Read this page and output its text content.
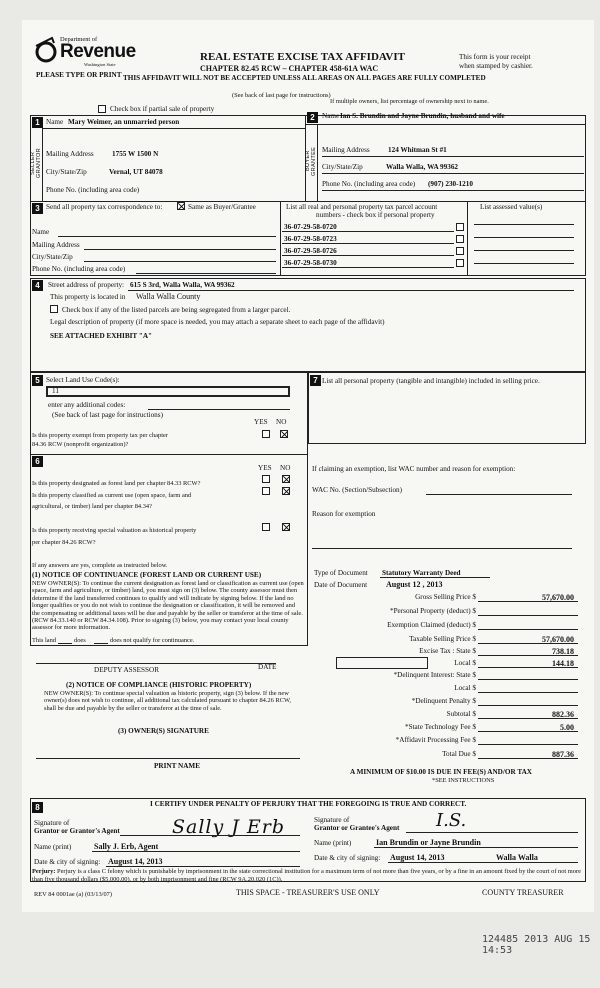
Department of
Revenue
Washington State
PLEASE TYPE OR PRINT
REAL ESTATE EXCISE TAX AFFIDAVIT
CHAPTER 82.45 RCW – CHAPTER 458-61A WAC
THIS AFFIDAVIT WILL NOT BE ACCEPTED UNLESS ALL AREAS ON ALL PAGES ARE FULLY COMPLETED
This form is your receipt
when stamped by cashier.
(See back of last page for instructions)
If multiple owners, list percentage of ownership next to name.
Check box if partial sale of property
1 Name Mary Weimer, an unmarried person
SELLER GRANTOR Mailing Address	1755 W 1500 N
City/State/Zip	Vernal, UT 84078
Phone No. (including area code)
2	Name Ian S. Brundin and Jayne Brundin, husband and wife
BUYER GRANTEE Mailing Address	124 Whitman St #1
City/State/Zip	Walla Walla, WA 99362
Phone No. (including area code) (907) 230-1210
3 Send all property tax correspondence to:	Same as Buyer/Grantee
Name
Mailing Address
City/State/Zip
Phone No. (including area code)
List all real and personal property tax parcel account
numbers - check box if personal property
List assessed value(s)
36-07-29-58-0720
36-07-29-58-0723
36-07-29-58-0726
36-07-29-58-0730
4	Street address of property: 615 S 3rd, Walla Walla, WA 99362
This property is located in Walla Walla County
Check box if any of the listed parcels are being segregated from a larger parcel.
Legal description of property (if more space is needed, you may attach a separate sheet to each page of the affidavit)
SEE ATTACHED EXHIBIT "A"
5 Select Land Use Code(s):
11
enter any additional codes:
(See back of last page for instructions)
YES NO
Is this property exempt from property tax per chapter
84.36 RCW (nonprofit organization)?
6
YES NO
Is this property designated as forest land per chapter 84.33 RCW?
Is this property classified as current use (open space, farm and
agricultural, or timber) land per chapter 84.34?
Is this property receiving special valuation as historical property
per chapter 84.26 RCW?
If any answers are yes, complete as instructed below.
(1) NOTICE OF CONTINUANCE (FOREST LAND OR CURRENT USE)
NEW OWNER(S): To continue the current designation as forest land or classification as current use (open space, farm and agriculture, or timber) land, you must sign on (3) below. The county assessor must then determine if the land transferred continues to qualify and will indicate by signing below. If the land no longer qualifies or you do not wish to continue the designation or classification, it will be removed and the compensating or additional taxes will be due and payable by the seller or transferor at the time of sale. (RCW 84.33.140 or RCW 84.34.108). Prior to signing (3) below, you may contact your local county assessor for more information.
This land	does	does not qualify for continuance.
DEPUTY ASSESSOR	DATE
(2) NOTICE OF COMPLIANCE (HISTORIC PROPERTY)
NEW OWNER(S): To continue special valuation as historic property, sign (3) below. If the new owner(s) does not wish to continue, all additional tax calculated pursuant to chapter 84.26 RCW, shall be due and payable by the seller or transferor at the time of sale.
(3) OWNER(S) SIGNATURE
PRINT NAME
7 List all personal property (tangible and intangible) included in selling price.
If claiming an exemption, list WAC number and reason for exemption:
WAC No. (Section/Subsection)
Reason for exemption
Type of Document Statutory Warranty Deed
Date of Document August 12 , 2013
Gross Selling Price $	57,670.00
*Personal Property (deduct) $
Exemption Claimed (deduct) $
Taxable Selling Price $	57,670.00
Excise Tax : State $	738.18
Local $	144.18
*Delinquent Interest: State $
Local $
*Delinquent Penalty $
Subtotal $	882.36
*State Technology Fee $	5.00
*Affidavit Processing Fee $
Total Due $	887.36
A MINIMUM OF $10.00 IS DUE IN FEE(S) AND/OR TAX
*SEE INSTRUCTIONS
8	I CERTIFY UNDER PENALTY OF PERJURY THAT THE FOREGOING IS TRUE AND CORRECT.
Signature of
Grantor or Grantor's Agent	Sally J Erb
Name (print)	Sally J. Erb, Agent
Date & city of signing: August 14, 2013
Signature of
Grantor or Grantee's Agent I.S.
Name (print)	Ian Brundin or Jayne Brundin
Date & city of signing: August 14, 2013	Walla Walla
Perjury: Perjury is a class C felony which is punishable by imprisonment in the state correctional institution for a maximum term of not more than five years, or by a fine in an amount fixed by the court of not more than five thousand dollars ($5,000.00), or by both imprisonment and fine (RCW 9A.20.020 (1C)).
REV 84 0001ae (a) (03/13/07)	THIS SPACE - TREASURER'S USE ONLY	COUNTY TREASURER
124485 2013 AUG 15 14:53
